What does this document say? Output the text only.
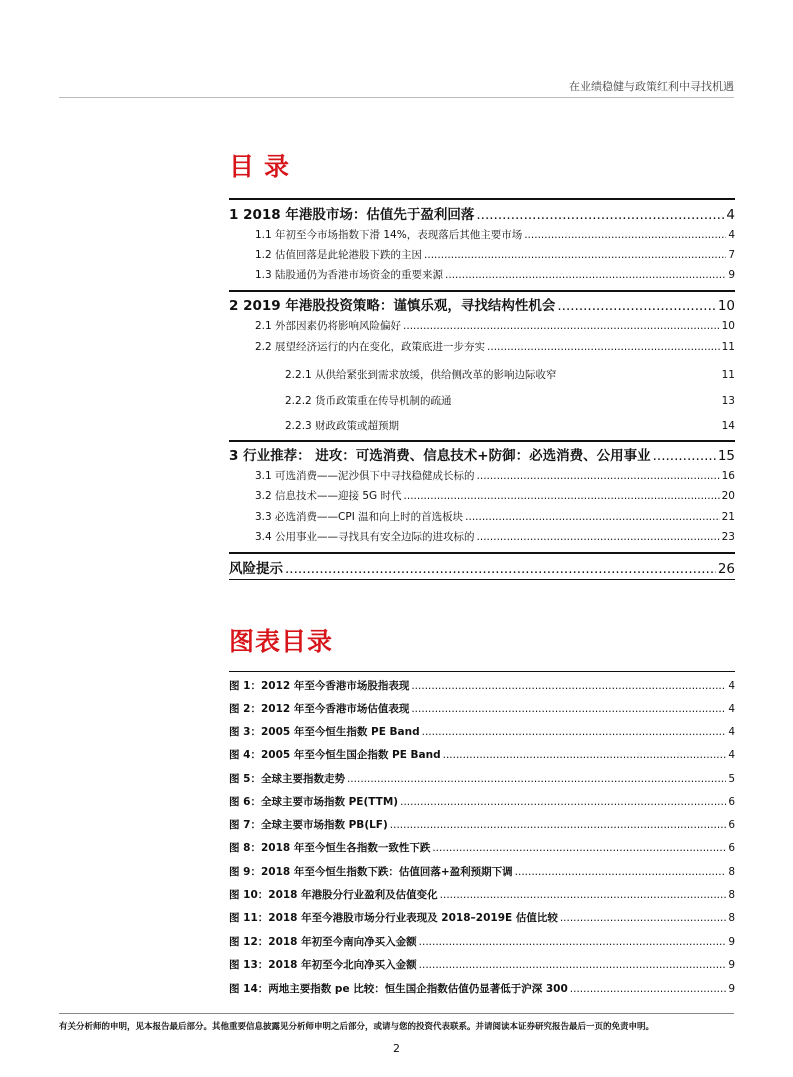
在业绩稳健与政策红利中寻找机遇
目录
1 2018 年港股市场：估值先于盈利回落 .....	4
1.1 年初至今市场指数下滑 14%，表现落后其他主要市场 .....	4
1.2 估值回落是此轮港股下跌的主因 .....	7
1.3 陆股通仍为香港市场资金的重要来源 .....	9
2 2019 年港股投资策略：谨慎乐观，寻找结构性机会 .....	10
2.1 外部因素仍将影响风险偏好 .....	10
2.2 展望经济运行的内在变化，政策底进一步夯实 .....	11
2.2.1 从供给紧张到需求放缓，供给侧改革的影响边际收窄	11
2.2.2 货币政策重在传导机制的疏通	13
2.2.3 财政政策或超预期	14
3 行业推荐： 进攻：可选消费、信息技术+防御：必选消费、公用事业 .....	15
3.1 可选消费——泥沙俱下中寻找稳健成长标的 .....	16
3.2 信息技术——迎接 5G 时代 .....	20
3.3 必选消费——CPI 温和向上时的首选板块 .....	21
3.4 公用事业——寻找具有安全边际的进攻标的 .....	23
风险提示 .....	26
图表目录
图 1：2012 年至今香港市场股指表现 .....	4
图 2：2012 年至今香港市场估值表现 .....	4
图 3：2005 年至今恒生指数 PE Band .....	4
图 4：2005 年至今恒生国企指数 PE Band .....	4
图 5：全球主要指数走势 .....	5
图 6：全球主要市场指数 PE(TTM) .....	6
图 7：全球主要市场指数 PB(LF) .....	6
图 8：2018 年至今恒生各指数一致性下跌 .....	6
图 9：2018 年至今恒生指数下跌：估值回落+盈利预期下调 .....	8
图 10：2018 年港股分行业盈利及估值变化 .....	8
图 11：2018 年至今港股市场分行业表现及 2018–2019E 估值比较 .....	8
图 12：2018 年初至今南向净买入金额 .....	9
图 13：2018 年初至今北向净买入金额 .....	9
图 14：两地主要指数 pe 比较：恒生国企指数估值仍显著低于沪深 300 .....	9
有关分析师的申明，见本报告最后部分。其他重要信息披露见分析师申明之后部分，或请与您的投资代表联系。并请阅读本证券研究报告最后一页的免责申明。
2
